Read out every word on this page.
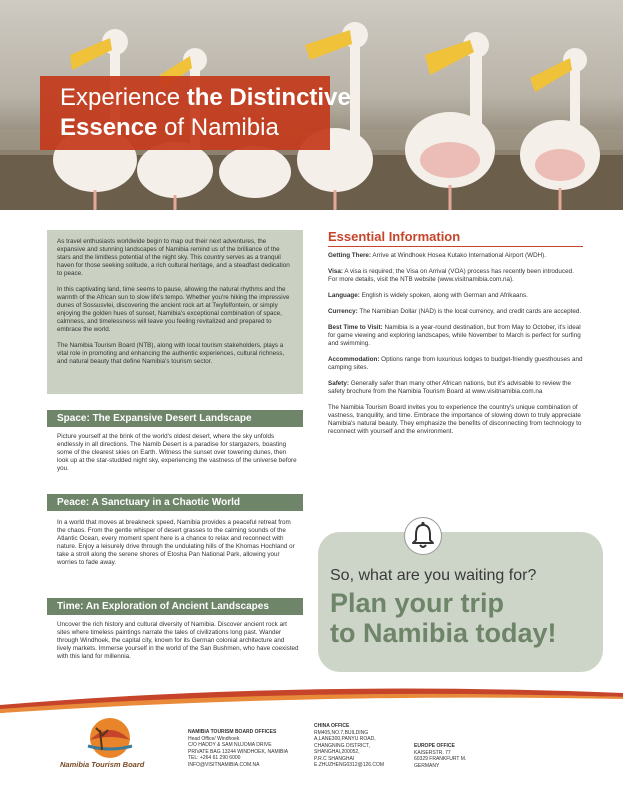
Experience the Distinctive
Essence of Namibia

As travel enthusiasts worldwide begin to map out their next adventures, the expansive and stunning landscapes of Namibia remind us of the brilliance of the stars and the limitless potential of the night sky. This country serves as a tranquil haven for those seeking solitude, a rich cultural heritage, and a steadfast dedication to peace.

In this captivating land, time seems to pause, allowing the natural rhythms and the warmth of the African sun to slow life's tempo. Whether you're hiking the impressive dunes of Sossusvlei, discovering the ancient rock art at Twyfelfontein, or simply enjoying the golden hues of sunset, Namibia's exceptional combination of space, calmness, and timelessness will leave you feeling revitalized and prepared to embrace the world.

The Namibia Tourism Board (NTB), along with local tourism stakeholders, plays a vital role in promoting and enhancing the authentic experiences, cultural richness, and natural beauty that define Namibia's tourism sector.

Space: The Expansive Desert Landscape
Picture yourself at the brink of the world's oldest desert, where the sky unfolds endlessly in all directions. The Namib Desert is a paradise for stargazers, boasting some of the clearest skies on Earth. Witness the sunset over towering dunes, then look up at the star-studded night sky, experiencing the vastness of the universe before you.
Peace: A Sanctuary in a Chaotic World
In a world that moves at breakneck speed, Namibia provides a peaceful retreat from the chaos. From the gentle whisper of desert grasses to the calming sounds of the Atlantic Ocean, every moment spent here is a chance to relax and reconnect with nature. Enjoy a leisurely drive through the undulating hills of the Khomas Hochland or take a stroll along the serene shores of Etosha Pan National Park, allowing your worries to fade away.
Time: An Exploration of Ancient Landscapes
Uncover the rich history and cultural diversity of Namibia. Discover ancient rock art sites where timeless paintings narrate the tales of civilizations long past. Wander through Windhoek, the capital city, known for its German colonial architecture and lively markets. Immerse yourself in the world of the San Bushmen, who have coexisted with this land for millennia.
Essential Information

Getting There: Arrive at Windhoek Hosea Kutako International Airport (WDH).

Visa: A visa is required; the Visa on Arrival (VOA) process has recently been introduced. For more details, visit the NTB website (www.visitnamibia.com.na).

Language: English is widely spoken, along with German and Afrikaans.

Currency: The Namibian Dollar (NAD) is the local currency, and credit cards are accepted.

Best Time to Visit: Namibia is a year-round destination, but from May to October, it's ideal for game viewing and exploring landscapes, while November to March is perfect for surfing and swimming.

Accommodation: Options range from luxurious lodges to budget-friendly guesthouses and camping sites.

Safety: Generally safer than many other African nations, but it's advisable to review the safety brochure from the Namibia Tourism Board at www.visitnamibia.com.na

The Namibia Tourism Board invites you to experience the country's unique combination of vastness, tranquility, and time. Embrace the importance of slowing down to truly appreciate Namibia's natural beauty. They emphasize the benefits of disconnecting from technology to reconnect with yourself and the environment.

So, what are you waiting for?
Plan your trip
to Namibia today!
Namibia Tourism Board
NAMIBIA TOURISM BOARD OFFICES
Head Office/ Windhoek
C/O HADDY & SAM NUJOMA DRIVE
PRIVATE BAG 13244 WINDHOEK, NAMIBIA
TEL: +264 61 290 6000
INFO@VISITNAMIBIA.COM.NA
CHINA OFFICE
RM405,NO.7,BUILDING
A,LANE300,PANYU ROAD,
CHANGNING DISTRICT,
SHANGHAI,200052,
P.R.C SHANGHAI
E.ZHUZHENG0312@126.COM
EUROPE OFFICE
KAISERSTR. 77
60329 FRANKFURT M.
GERMANY
